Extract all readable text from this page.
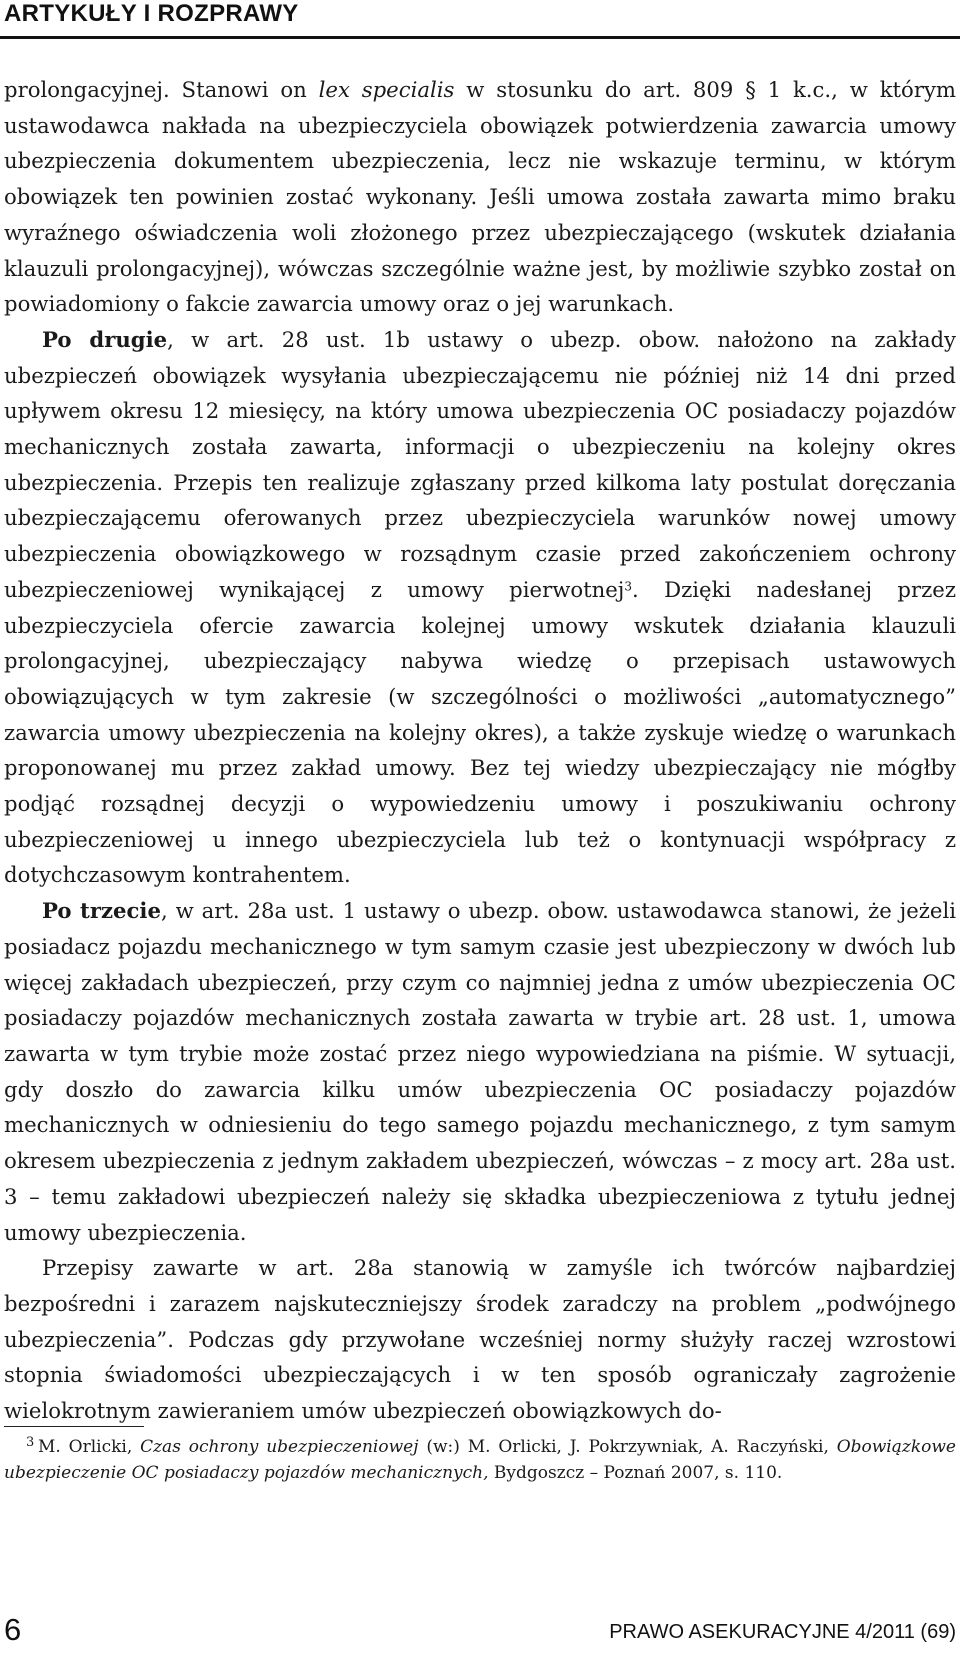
ARTYKUŁY I ROZPRAWY

prolongacyjnej. Stanowi on lex specialis w stosunku do art. 809 § 1 k.c., w którym ustawodawca nakłada na ubezpieczyciela obowiązek potwierdzenia zawarcia umowy ubezpieczenia dokumentem ubezpieczenia, lecz nie wskazuje terminu, w którym obowiązek ten powinien zostać wykonany. Jeśli umowa została zawarta mimo braku wyraźnego oświadczenia woli złożonego przez ubezpieczającego (wskutek działania klauzuli prolongacyjnej), wówczas szczególnie ważne jest, by możliwie szybko został on powiadomiony o fakcie zawarcia umowy oraz o jej warunkach.

Po drugie, w art. 28 ust. 1b ustawy o ubezp. obow. nałożono na zakłady ubezpieczeń obowiązek wysyłania ubezpieczającemu nie później niż 14 dni przed upływem okresu 12 miesięcy, na który umowa ubezpieczenia OC posiadaczy pojazdów mechanicznych została zawarta, informacji o ubezpieczeniu na kolejny okres ubezpieczenia. Przepis ten realizuje zgłaszany przed kilkoma laty postulat doręczania ubezpieczającemu oferowanych przez ubezpieczyciela warunków nowej umowy ubezpieczenia obowiązkowego w rozsądnym czasie przed zakończeniem ochrony ubezpieczeniowej wynikającej z umowy pierwotnej$^3$. Dzięki nadesłanej przez ubezpieczyciela ofercie zawarcia kolejnej umowy wskutek działania klauzuli prolongacyjnej, ubezpieczający nabywa wiedzę o przepisach ustawowych obowiązujących w tym zakresie (w szczególności o możliwości „automatycznego” zawarcia umowy ubezpieczenia na kolejny okres), a także zyskuje wiedzę o warunkach proponowanej mu przez zakład umowy. Bez tej wiedzy ubezpieczający nie mógłby podjąć rozsądnej decyzji o wypowiedzeniu umowy i poszukiwaniu ochrony ubezpieczeniowej u innego ubezpieczyciela lub też o kontynuacji współpracy z dotychczasowym kontrahentem.

Po trzecie, w art. 28a ust. 1 ustawy o ubezp. obow. ustawodawca stanowi, że jeżeli posiadacz pojazdu mechanicznego w tym samym czasie jest ubezpieczony w dwóch lub więcej zakładach ubezpieczeń, przy czym co najmniej jedna z umów ubezpieczenia OC posiadaczy pojazdów mechanicznych została zawarta w trybie art. 28 ust. 1, umowa zawarta w tym trybie może zostać przez niego wypowiedziana na piśmie. W sytuacji, gdy doszło do zawarcia kilku umów ubezpieczenia OC posiadaczy pojazdów mechanicznych w odniesieniu do tego samego pojazdu mechanicznego, z tym samym okresem ubezpieczenia z jednym zakładem ubezpieczeń, wówczas – z mocy art. 28a ust. 3 – temu zakładowi ubezpieczeń należy się składka ubezpieczeniowa z tytułu jednej umowy ubezpieczenia.

Przepisy zawarte w art. 28a stanowią w zamyśle ich twórców najbardziej bezpośredni i zarazem najskuteczniejszy środek zaradczy na problem „podwójnego ubezpieczenia”. Podczas gdy przywołane wcześniej normy służyły raczej wzrostowi stopnia świadomości ubezpieczających i w ten sposób ograniczały zagrożenie wielokrotnym zawieraniem umów ubezpieczeń obowiązkowych do-

3 M. Orlicki, Czas ochrony ubezpieczeniowej (w:) M. Orlicki, J. Pokrzywniak, A. Raczyński, Obowiązkowe ubezpieczenie OC posiadaczy pojazdów mechanicznych, Bydgoszcz – Poznań 2007, s. 110.
6	PRAWO ASEKURACYJNE 4/2011 (69)
